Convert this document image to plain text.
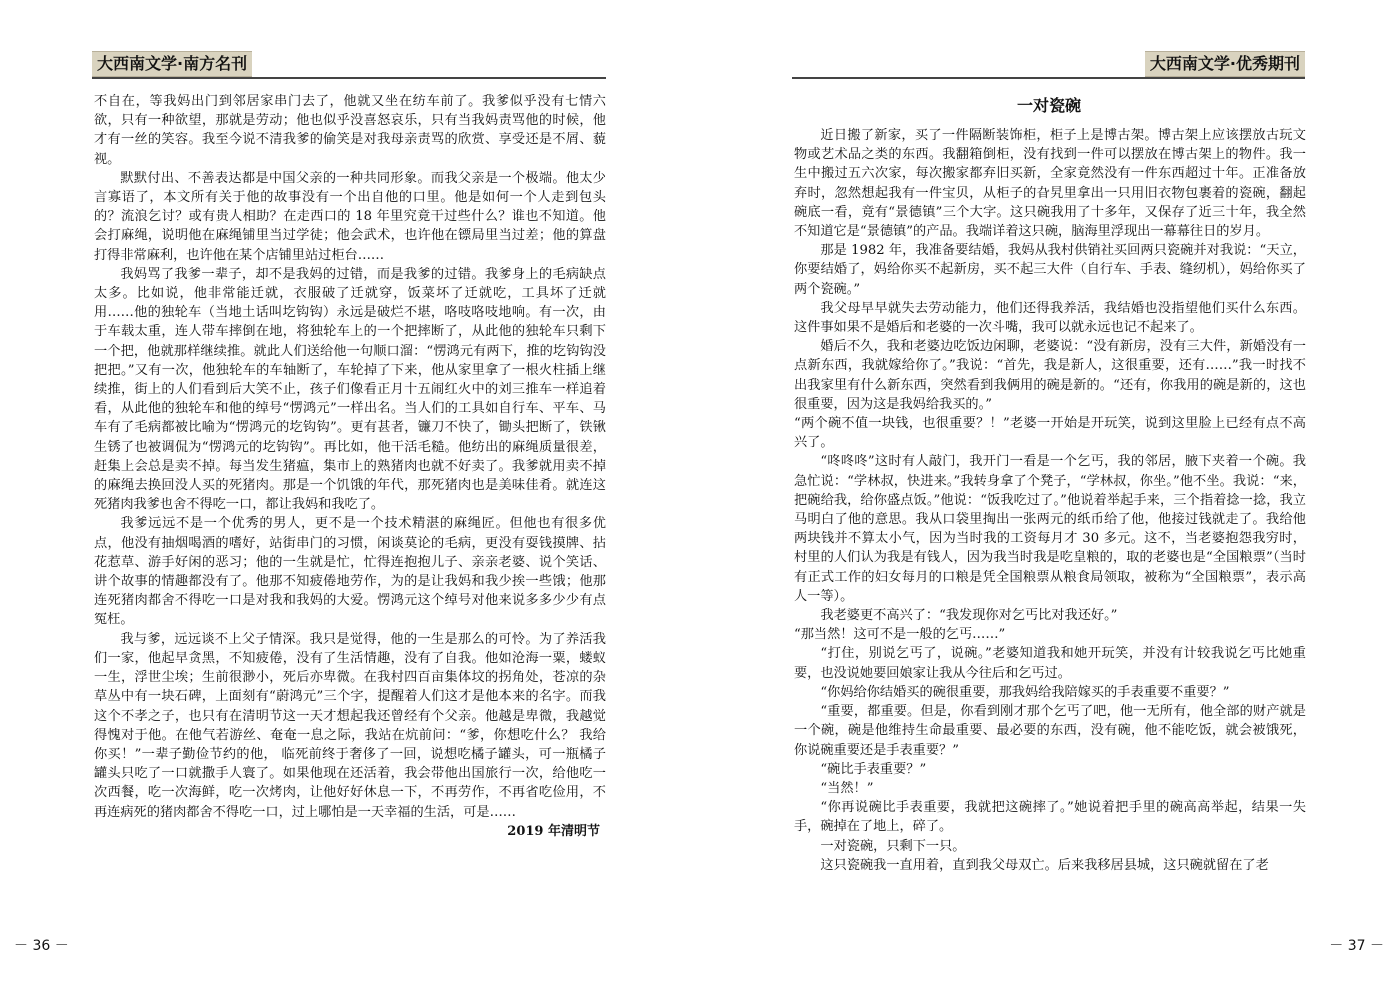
大西南文学·南方名刊

不自在，等我妈出门到邻居家串门去了，他就又坐在纺车前了。我爹似乎没有七情六欲，只有一种欲望，那就是劳动；他也似乎没喜怒哀乐，只有当我妈责骂他的时候，他才有一丝的笑容。我至今说不清我爹的偷笑是对我母亲责骂的欣赏、享受还是不屑、藐视。

默默付出、不善表达都是中国父亲的一种共同形象。而我父亲是一个极端。他太少言寡语了，本文所有关于他的故事没有一个出自他的口里。他是如何一个人走到包头的？流浪乞讨？或有贵人相助？在走西口的 18 年里究竟干过些什么？谁也不知道。他会打麻绳，说明他在麻绳铺里当过学徒；他会武术，也许他在镖局里当过差；他的算盘打得非常麻利，也许他在某个店铺里站过柜台……

我妈骂了我爹一辈子，却不是我妈的过错，而是我爹的过错。我爹身上的毛病缺点太多。比如说，他非常能迁就，衣服破了迁就穿，饭菜坏了迁就吃，工具坏了迁就用……他的独轮车（当地土话叫圪钩钩）永远是破烂不堪，咯吱咯吱地响。有一次，由于车载太重，连人带车摔倒在地，将独轮车上的一个把摔断了，从此他的独轮车只剩下一个把，他就那样继续推。就此人们送给他一句顺口溜：“愣鸿元有两下，推的圪钩钩没把把。”又有一次，他独轮车的车轴断了，车轮掉了下来，他从家里拿了一根火柱插上继续推，街上的人们看到后大笑不止，孩子们像看正月十五闹红火中的刘三推车一样追着看，从此他的独轮车和他的绰号“愣鸿元”一样出名。当人们的工具如自行车、平车、马车有了毛病都被比喻为“愣鸿元的圪钩钩”。更有甚者，镰刀不快了，锄头把断了，铁锹生锈了也被调侃为“愣鸿元的圪钩钩”。再比如，他干活毛糙。他纺出的麻绳质量很差，赶集上会总是卖不掉。每当发生猪瘟，集市上的熟猪肉也就不好卖了。我爹就用卖不掉的麻绳去换回没人买的死猪肉。那是一个饥饿的年代，那死猪肉也是美味佳肴。就连这死猪肉我爹也舍不得吃一口，都让我妈和我吃了。

我爹远远不是一个优秀的男人，更不是一个技术精湛的麻绳匠。但他也有很多优点，他没有抽烟喝酒的嗜好，站街串门的习惯，闲谈莫论的毛病，更没有耍钱摸牌、拈花惹草、游手好闲的恶习；他的一生就是忙，忙得连抱抱儿子、亲亲老婆、说个笑话、讲个故事的情趣都没有了。他那不知疲倦地劳作，为的是让我妈和我少挨一些饿；他那连死猪肉都舍不得吃一口是对我和我妈的大爱。愣鸿元这个绰号对他来说多多少少有点冤枉。

我与爹，远远谈不上父子情深。我只是觉得，他的一生是那么的可怜。为了养活我们一家，他起早贪黑，不知疲倦，没有了生活情趣，没有了自我。他如沧海一粟，蝼蚁一生，浮世尘埃；生前很渺小，死后亦卑微。在我村四百亩集体坟的拐角处，苍凉的杂草丛中有一块石碑，上面刻有“蔚鸿元”三个字，提醒着人们这才是他本来的名字。而我这个不孝之子，也只有在清明节这一天才想起我还曾经有个父亲。他越是卑微，我越觉得愧对于他。在他气若游丝、奄奄一息之际，我站在炕前问：“爹，你想吃什么？ 我给你买！”一辈子勤俭节约的他， 临死前终于奢侈了一回，说想吃橘子罐头，可一瓶橘子罐头只吃了一口就撒手人寰了。如果他现在还活着，我会带他出国旅行一次，给他吃一次西餐，吃一次海鲜，吃一次烤肉，让他好好休息一下，不再劳作，不再省吃俭用，不再连病死的猪肉都舍不得吃一口，过上哪怕是一天幸福的生活，可是……

2019 年清明节
－ 36 －
大西南文学·优秀期刊
一对瓷碗

近日搬了新家，买了一件隔断装饰柜，柜子上是博古架。博古架上应该摆放古玩文物或艺术品之类的东西。我翻箱倒柜，没有找到一件可以摆放在博古架上的物件。我一生中搬过五六次家，每次搬家都弃旧买新，全家竟然没有一件东西超过十年。正准备放弃时，忽然想起我有一件宝贝，从柜子的旮旯里拿出一只用旧衣物包裹着的瓷碗，翻起碗底一看，竟有“景德镇”三个大字。这只碗我用了十多年，又保存了近三十年，我全然不知道它是“景德镇”的产品。我端详着这只碗，脑海里浮现出一幕幕往日的岁月。

那是 1982 年，我准备要结婚，我妈从我村供销社买回两只瓷碗并对我说：“天立，你要结婚了，妈给你买不起新房，买不起三大件（自行车、手表、缝纫机），妈给你买了两个瓷碗。”

我父母早早就失去劳动能力，他们还得我养活，我结婚也没指望他们买什么东西。这件事如果不是婚后和老婆的一次斗嘴，我可以就永远也记不起来了。

婚后不久，我和老婆边吃饭边闲聊，老婆说：“没有新房，没有三大件，新婚没有一点新东西，我就嫁给你了。”我说：“首先，我是新人，这很重要，还有……”我一时找不出我家里有什么新东西，突然看到我俩用的碗是新的。“还有，你我用的碗是新的，这也很重要，因为这是我妈给我买的。”

“两个碗不值一块钱，也很重要？！”老婆一开始是开玩笑，说到这里脸上已经有点不高兴了。

“咚咚咚”这时有人敲门，我开门一看是一个乞丐，我的邻居，腋下夹着一个碗。我急忙说：“学林叔，快进来。”我转身拿了个凳子，“学林叔，你坐。”他不坐。我说：“来，把碗给我，给你盛点饭。”他说：“饭我吃过了。”他说着举起手来，三个指着捻一捻，我立马明白了他的意思。我从口袋里掏出一张两元的纸币给了他，他接过钱就走了。我给他两块钱并不算太小气，因为当时我的工资每月才 30 多元。这不，当老婆抱怨我穷时，村里的人们认为我是有钱人，因为我当时我是吃皇粮的，取的老婆也是“全国粮票”（当时有正式工作的妇女每月的口粮是凭全国粮票从粮食局领取，被称为“全国粮票”，表示高人一等）。

我老婆更不高兴了：“我发现你对乞丐比对我还好。”

“那当然！这可不是一般的乞丐……”

“打住，别说乞丐了，说碗。”老婆知道我和她开玩笑，并没有计较我说乞丐比她重要，也没说她要回娘家让我从今往后和乞丐过。

“你妈给你结婚买的碗很重要，那我妈给我陪嫁买的手表重要不重要？”

“重要，都重要。但是，你看到刚才那个乞丐了吧，他一无所有，他全部的财产就是一个碗，碗是他维持生命最重要、最必要的东西，没有碗，他不能吃饭，就会被饿死，你说碗重要还是手表重要？”

“碗比手表重要？”

“当然！”

“你再说碗比手表重要，我就把这碗摔了。”她说着把手里的碗高高举起，结果一失手，碗掉在了地上，碎了。

一对瓷碗，只剩下一只。

这只瓷碗我一直用着，直到我父母双亡。后来我移居县城，这只碗就留在了老

－ 37 －
